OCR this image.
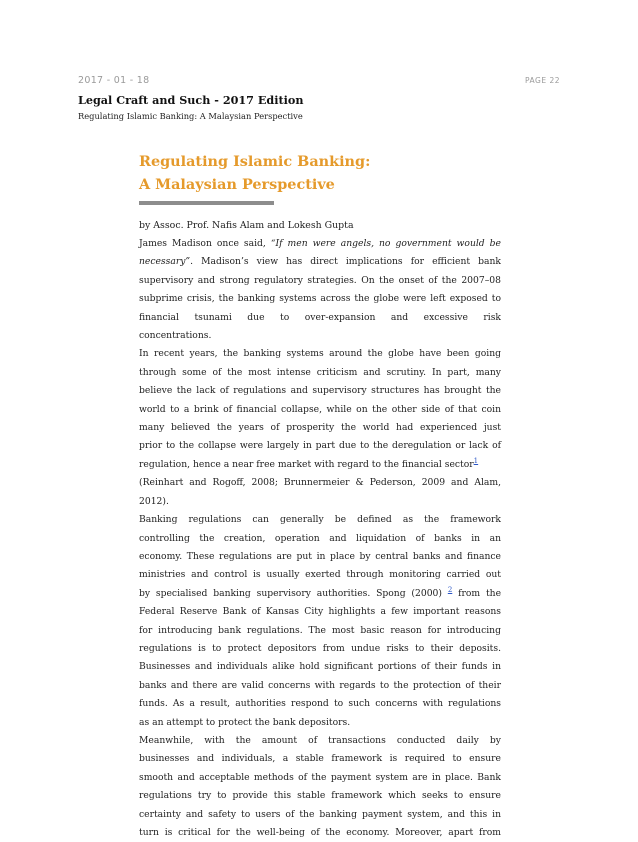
2017 - 01 - 18	PAGE 22
Legal Craft and Such - 2017 Edition
Regulating Islamic Banking: A Malaysian Perspective
Regulating Islamic Banking:
A Malaysian Perspective
by Assoc. Prof. Nafis Alam and Lokesh Gupta

James Madison once said, “If men were angels, no government would be
necessary”. Madison’s view has direct implications for efficient bank
supervisory and strong regulatory strategies. On the onset of the 2007–08
subprime crisis, the banking systems across the globe were left exposed to
financial tsunami due to over-expansion and excessive risk
concentrations.

In recent years, the banking systems around the globe have been going
through some of the most intense criticism and scrutiny. In part, many
believe the lack of regulations and supervisory structures has brought the
world to a brink of financial collapse, while on the other side of that coin
many believed the years of prosperity the world had experienced just
prior to the collapse were largely in part due to the deregulation or lack of
regulation, hence a near free market with regard to the financial sector$^1$
(Reinhart and Rogoff, 2008; Brunnermeier & Pederson, 2009 and Alam,
2012).

Banking regulations can generally be defined as the framework
controlling the creation, operation and liquidation of banks in an
economy. These regulations are put in place by central banks and finance
ministries and control is usually exerted through monitoring carried out
by specialised banking supervisory authorities. Spong (2000) $^2$ from the
Federal Reserve Bank of Kansas City highlights a few important reasons
for introducing bank regulations. The most basic reason for introducing
regulations is to protect depositors from undue risks to their deposits.
Businesses and individuals alike hold significant portions of their funds in
banks and there are valid concerns with regards to the protection of their
funds. As a result, authorities respond to such concerns with regulations
as an attempt to protect the bank depositors.

Meanwhile, with the amount of transactions conducted daily by
businesses and individuals, a stable framework is required to ensure
smooth and acceptable methods of the payment system are in place. Bank
regulations try to provide this stable framework which seeks to ensure
certainty and safety to users of the banking payment system, and this in
turn is critical for the well-being of the economy. Moreover, apart from
